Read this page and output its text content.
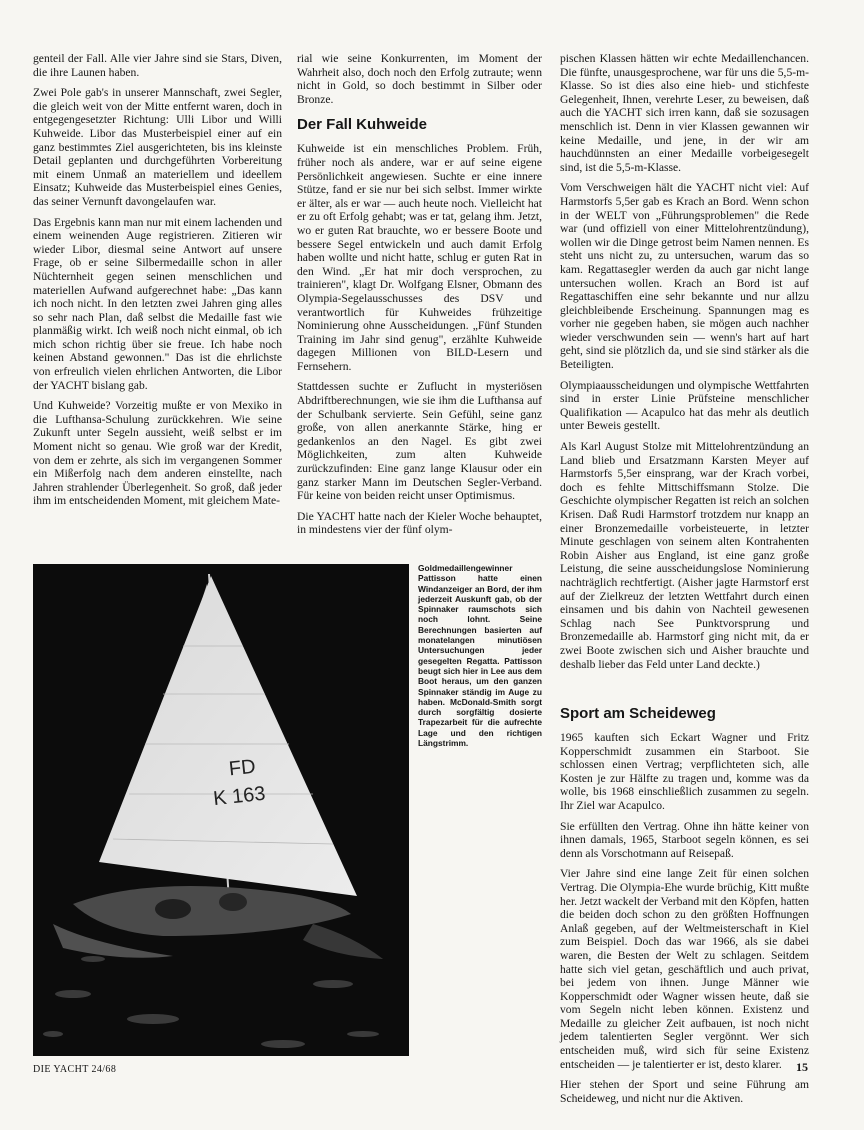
genteil der Fall. Alle vier Jahre sind sie Stars, Diven, die ihre Launen haben.

Zwei Pole gab's in unserer Mannschaft, zwei Segler, die gleich weit von der Mitte entfernt waren, doch in entgegengesetzter Richtung: Ulli Libor und Willi Kuhweide. Libor das Musterbeispiel einer auf ein ganz bestimmtes Ziel ausgerichteten, bis ins kleinste Detail geplanten und durchgeführten Vorbereitung mit einem Unmaß an materiellem und ideellem Einsatz; Kuhweide das Musterbeispiel eines Genies, das seiner Vernunft davongelaufen war.

Das Ergebnis kann man nur mit einem lachenden und einem weinenden Auge registrieren. Zitieren wir wieder Libor, diesmal seine Antwort auf unsere Frage, ob er seine Silbermedaille schon in aller Nüchternheit gegen seinen menschlichen und materiellen Aufwand aufgerechnet habe: „Das kann ich noch nicht. In den letzten zwei Jahren ging alles so sehr nach Plan, daß selbst die Medaille fast wie planmäßig wirkt. Ich weiß noch nicht einmal, ob ich mich schon richtig über sie freue. Ich habe noch keinen Abstand gewonnen." Das ist die ehrlichste von erfreulich vielen ehrlichen Antworten, die Libor der YACHT bislang gab.

Und Kuhweide? Vorzeitig mußte er von Mexiko in die Lufthansa-Schulung zurückkehren. Wie seine Zukunft unter Segeln aussieht, weiß selbst er im Moment nicht so genau. Wie groß war der Kredit, von dem er zehrte, als sich im vergangenen Sommer ein Mißerfolg nach dem anderen einstellte, nach Jahren strahlender Überlegenheit. So groß, daß jeder ihm im entscheidenden Moment, mit gleichem Mate-

rial wie seine Konkurrenten, im Moment der Wahrheit also, doch noch den Erfolg zutraute; wenn nicht in Gold, so doch bestimmt in Silber oder Bronze.

Der Fall Kuhweide

Kuhweide ist ein menschliches Problem. Früh, früher noch als andere, war er auf seine eigene Persönlichkeit angewiesen. Suchte er eine innere Stütze, fand er sie nur bei sich selbst. Immer wirkte er älter, als er war — auch heute noch. Vielleicht hat er zu oft Erfolg gehabt; was er tat, gelang ihm. Jetzt, wo er guten Rat brauchte, wo er bessere Boote und bessere Segel entwickeln und auch damit Erfolg haben wollte und nicht hatte, schlug er guten Rat in den Wind. „Er hat mir doch versprochen, zu trainieren", klagt Dr. Wolfgang Elsner, Obmann des Olympia-Segelausschusses des DSV und verantwortlich für Kuhweides frühzeitige Nominierung ohne Ausscheidungen. „Fünf Stunden Training im Jahr sind genug", erzählte Kuhweide dagegen Millionen von BILD-Lesern und Fernsehern.

Stattdessen suchte er Zuflucht in mysteriösen Abdriftberechnungen, wie sie ihm die Lufthansa auf der Schulbank servierte. Sein Gefühl, seine ganz große, von allen anerkannte Stärke, hing er gedankenlos an den Nagel. Es gibt zwei Möglichkeiten, zum alten Kuhweide zurückzufinden: Eine ganz lange Klausur oder ein ganz starker Mann im Deutschen Segler-Verband. Für keine von beiden reicht unser Optimismus.

Die YACHT hatte nach der Kieler Woche behauptet, in mindestens vier der fünf olym-

pischen Klassen hätten wir echte Medaillenchancen. Die fünfte, unausgesprochene, war für uns die 5,5-m-Klasse. So ist dies also eine hieb- und stichfeste Gelegenheit, Ihnen, verehrte Leser, zu beweisen, daß auch die YACHT sich irren kann, daß sie sozusagen menschlich ist. Denn in vier Klassen gewannen wir keine Medaille, und jene, in der wir am hauchdünnsten an einer Medaille vorbeigesegelt sind, ist die 5,5-m-Klasse.

Vom Verschweigen hält die YACHT nicht viel: Auf Harmstorfs 5,5er gab es Krach an Bord. Wenn schon in der WELT von „Führungsproblemen" die Rede war (und offiziell von einer Mittelohrentzündung), wollen wir die Dinge getrost beim Namen nennen. Es steht uns nicht zu, zu untersuchen, warum das so kam. Regattasegler werden da auch gar nicht lange untersuchen wollen. Krach an Bord ist auf Regattaschiffen eine sehr bekannte und nur allzu gleichbleibende Erscheinung. Spannungen mag es vorher nie gegeben haben, sie mögen auch nachher wieder verschwunden sein — wenn's hart auf hart geht, sind sie plötzlich da, und sie sind stärker als die Beteiligten.

Olympiaausscheidungen und olympische Wettfahrten sind in erster Linie Prüfsteine menschlicher Qualifikation — Acapulco hat das mehr als deutlich unter Beweis gestellt.

Als Karl August Stolze mit Mittelohrentzündung an Land blieb und Ersatzmann Karsten Meyer auf Harmstorfs 5,5er einsprang, war der Krach vorbei, doch es fehlte Mittschiffsmann Stolze. Die Geschichte olympischer Regatten ist reich an solchen Krisen. Daß Rudi Harmstorf trotzdem nur knapp an einer Bronzemedaille vorbeisteuerte, in letzter Minute geschlagen von seinem alten Kontrahenten Robin Aisher aus England, ist eine ganz große Leistung, die seine ausscheidungslose Nominierung nachträglich rechtfertigt. (Aisher jagte Harmstorf erst auf der Zielkreuz der letzten Wettfahrt durch einen einsamen und bis dahin von Nachteil gewesenen Schlag nach See Punktvorsprung und Bronzemedaille ab. Harmstorf ging nicht mit, da er zwei Boote zwischen sich und Aisher brauchte und deshalb lieber das Feld unter Land deckte.)

Sport am Scheideweg

1965 kauften sich Eckart Wagner und Fritz Kopperschmidt zusammen ein Starboot. Sie schlossen einen Vertrag; verpflichteten sich, alle Kosten je zur Hälfte zu tragen und, komme was da wolle, bis 1968 einschließlich zusammen zu segeln. Ihr Ziel war Acapulco.

Sie erfüllten den Vertrag. Ohne ihn hätte keiner von ihnen damals, 1965, Starboot segeln können, es sei denn als Vorschotmann auf Reisepaß.

Vier Jahre sind eine lange Zeit für einen solchen Vertrag. Die Olympia-Ehe wurde brüchig, Kitt mußte her. Jetzt wackelt der Verband mit den Köpfen, hatten die beiden doch schon zu den größten Hoffnungen Anlaß gegeben, auf der Weltmeisterschaft in Kiel zum Beispiel. Doch das war 1966, als sie dabei waren, die Besten der Welt zu schlagen. Seitdem hatte sich viel getan, geschäftlich und auch privat, bei jedem von ihnen. Junge Männer wie Kopperschmidt oder Wagner wissen heute, daß sie vom Segeln nicht leben können. Existenz und Medaille zu gleicher Zeit aufbauen, ist noch nicht jedem talentierten Segler vergönnt. Wer sich entscheiden muß, wird sich für seine Existenz entscheiden — je talentierter er ist, desto klarer.

Hier stehen der Sport und seine Führung am Scheideweg, und nicht nur die Aktiven.

FD
K 163
Goldmedaillengewinner Pattisson hatte einen Windanzeiger an Bord, der ihm jederzeit Auskunft gab, ob der Spinnaker raumschots sich noch lohnt. Seine Berechnungen basierten auf monatelangen minutiösen Untersuchungen jeder gesegelten Regatta. Pattisson beugt sich hier in Lee aus dem Boot heraus, um den ganzen Spinnaker ständig im Auge zu haben. McDonald-Smith sorgt durch sorgfältig dosierte Trapezarbeit für die aufrechte Lage und den richtigen Längstrimm.
DIE YACHT 24/68	15
